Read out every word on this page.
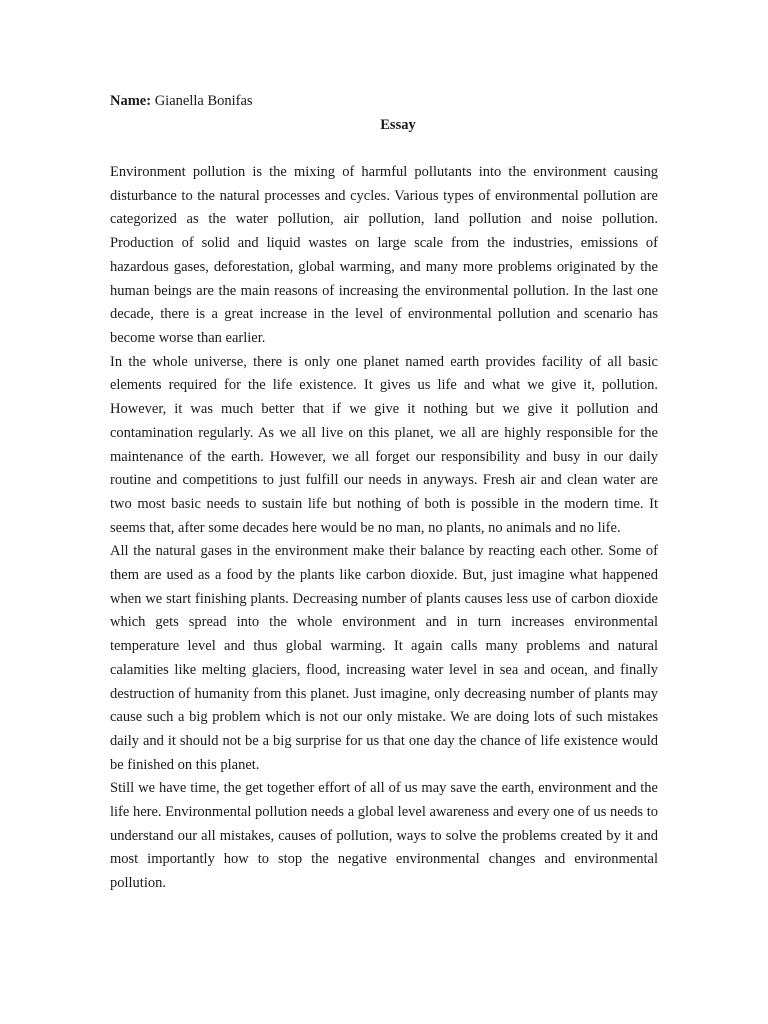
Name: Gianella Bonifas

Essay

Environment pollution is the mixing of harmful pollutants into the environment causing disturbance to the natural processes and cycles. Various types of environmental pollution are categorized as the water pollution, air pollution, land pollution and noise pollution. Production of solid and liquid wastes on large scale from the industries, emissions of hazardous gases, deforestation, global warming, and many more problems originated by the human beings are the main reasons of increasing the environmental pollution. In the last one decade, there is a great increase in the level of environmental pollution and scenario has become worse than earlier.

In the whole universe, there is only one planet named earth provides facility of all basic elements required for the life existence. It gives us life and what we give it, pollution. However, it was much better that if we give it nothing but we give it pollution and contamination regularly. As we all live on this planet, we all are highly responsible for the maintenance of the earth. However, we all forget our responsibility and busy in our daily routine and competitions to just fulfill our needs in anyways. Fresh air and clean water are two most basic needs to sustain life but nothing of both is possible in the modern time. It seems that, after some decades here would be no man, no plants, no animals and no life.

All the natural gases in the environment make their balance by reacting each other. Some of them are used as a food by the plants like carbon dioxide. But, just imagine what happened when we start finishing plants. Decreasing number of plants causes less use of carbon dioxide which gets spread into the whole environment and in turn increases environmental temperature level and thus global warming. It again calls many problems and natural calamities like melting glaciers, flood, increasing water level in sea and ocean, and finally destruction of humanity from this planet. Just imagine, only decreasing number of plants may cause such a big problem which is not our only mistake. We are doing lots of such mistakes daily and it should not be a big surprise for us that one day the chance of life existence would be finished on this planet.

Still we have time, the get together effort of all of us may save the earth, environment and the life here. Environmental pollution needs a global level awareness and every one of us needs to understand our all mistakes, causes of pollution, ways to solve the problems created by it and most importantly how to stop the negative environmental changes and environmental pollution.
